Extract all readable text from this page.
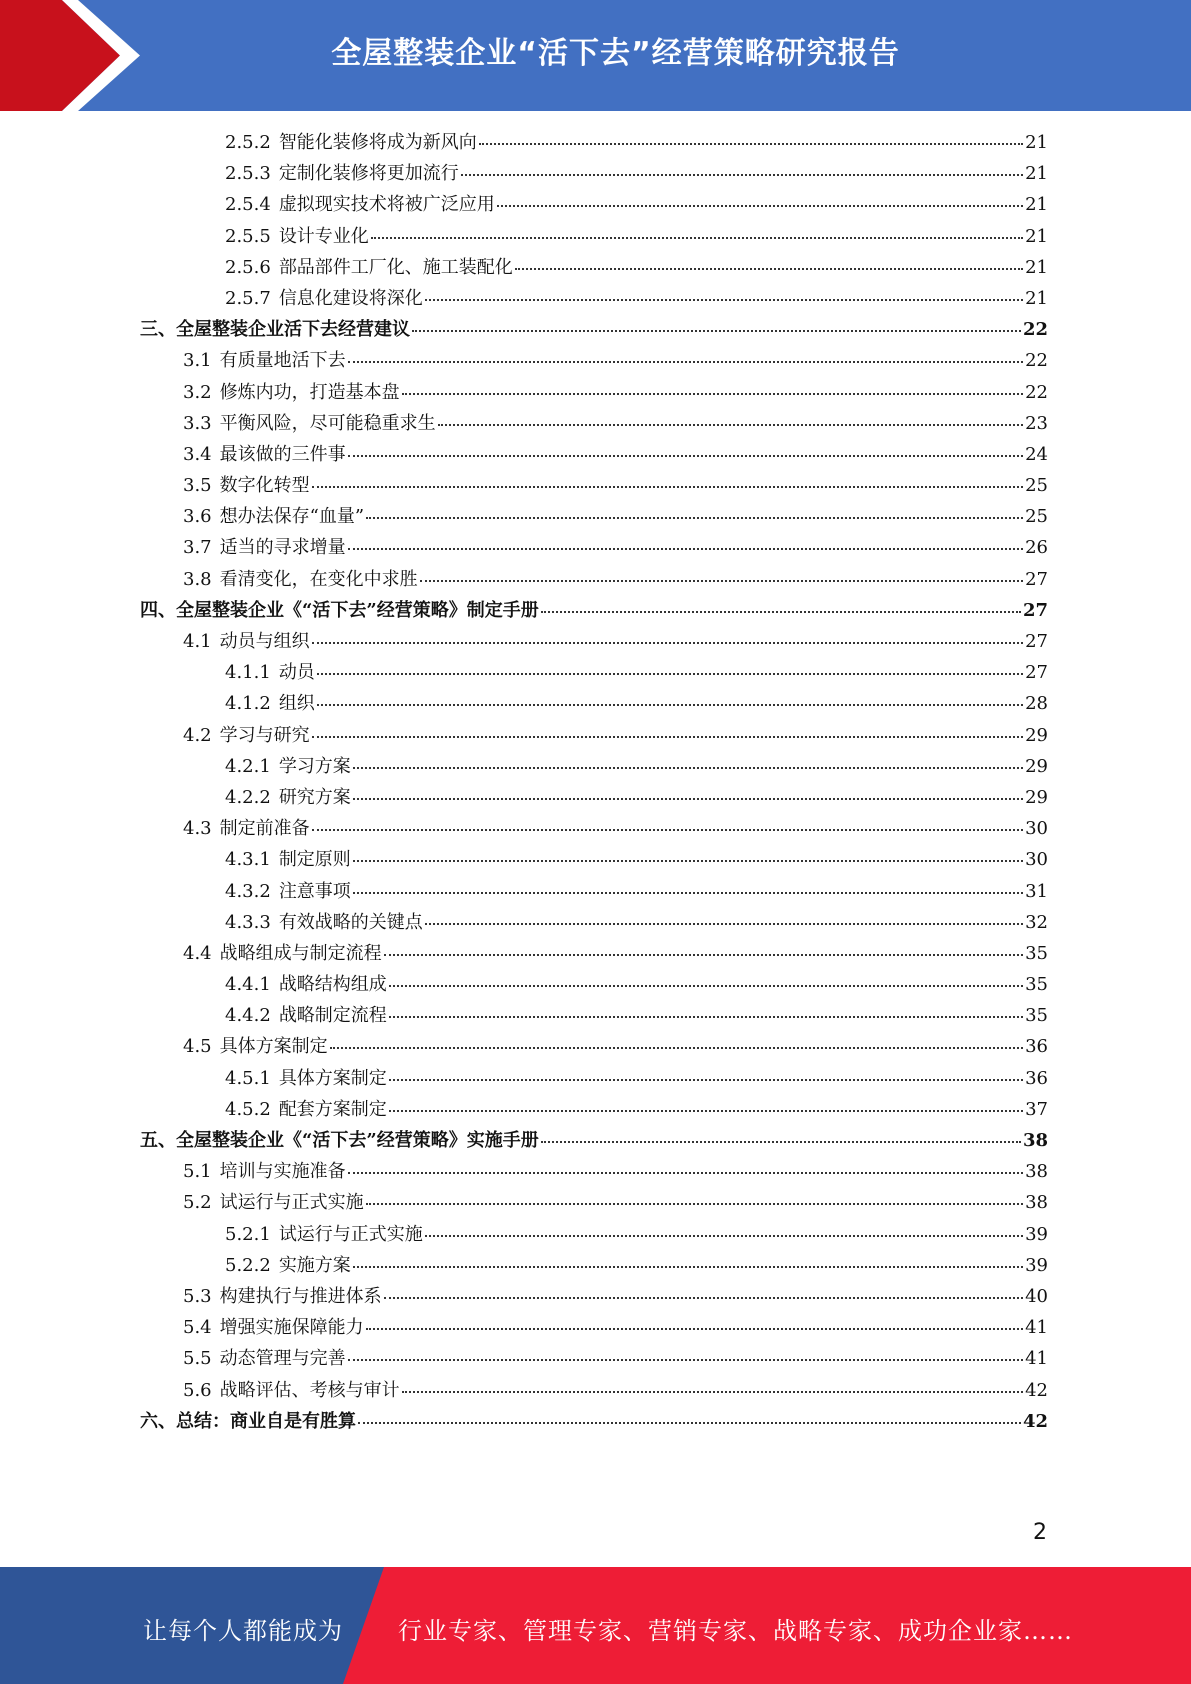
全屋整装企业“活下去”经营策略研究报告
2.5.2 智能化装修将成为新风向	21
2.5.3 定制化装修将更加流行	21
2.5.4 虚拟现实技术将被广泛应用	21
2.5.5 设计专业化	21
2.5.6 部品部件工厂化、施工装配化	21
2.5.7 信息化建设将深化	21
三、 全屋整装企业活下去经营建议	22
3.1 有质量地活下去	22
3.2 修炼内功，打造基本盘	22
3.3 平衡风险，尽可能稳重求生	23
3.4 最该做的三件事	24
3.5 数字化转型	25
3.6 想办法保存“血量”	25
3.7 适当的寻求增量	26
3.8 看清变化，在变化中求胜	27
四、 全屋整装企业《“活下去”经营策略》制定手册	27
4.1 动员与组织	27
4.1.1 动员	27
4.1.2 组织	28
4.2 学习与研究	29
4.2.1 学习方案	29
4.2.2 研究方案	29
4.3 制定前准备	30
4.3.1 制定原则	30
4.3.2 注意事项	31
4.3.3 有效战略的关键点	32
4.4 战略组成与制定流程	35
4.4.1 战略结构组成	35
4.4.2 战略制定流程	35
4.5 具体方案制定	36
4.5.1 具体方案制定	36
4.5.2 配套方案制定	37
五、 全屋整装企业《“活下去”经营策略》实施手册	38
5.1 培训与实施准备	38
5.2 试运行与正式实施	38
5.2.1 试运行与正式实施	39
5.2.2 实施方案	39
5.3 构建执行与推进体系	40
5.4 增强实施保障能力	41
5.5 动态管理与完善	41
5.6 战略评估、考核与审计	42
六、 总结：商业自是有胜算	42
2
让每个人都能成为 行业专家、管理专家、营销专家、战略专家、成功企业家……
